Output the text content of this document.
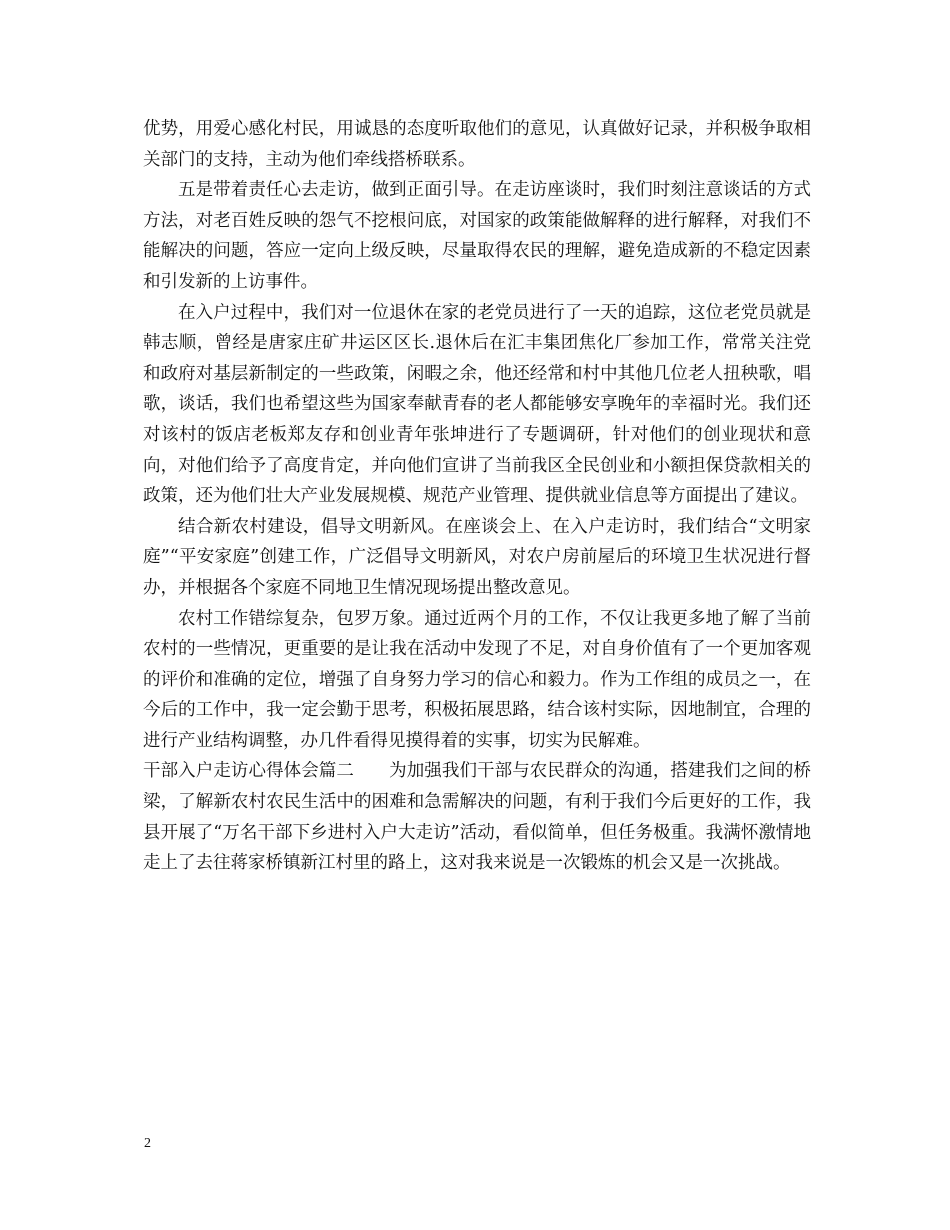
优势，用爱心感化村民，用诚恳的态度听取他们的意见，认真做好记录，并积极争取相关部门的支持，主动为他们牵线搭桥联系。

五是带着责任心去走访，做到正面引导。在走访座谈时，我们时刻注意谈话的方式方法，对老百姓反映的怨气不挖根问底，对国家的政策能做解释的进行解释，对我们不能解决的问题，答应一定向上级反映，尽量取得农民的理解，避免造成新的不稳定因素和引发新的上访事件。

在入户过程中，我们对一位退休在家的老党员进行了一天的追踪，这位老党员就是韩志顺，曾经是唐家庄矿井运区区长.退休后在汇丰集团焦化厂参加工作，常常关注党和政府对基层新制定的一些政策，闲暇之余，他还经常和村中其他几位老人扭秧歌，唱歌，谈话，我们也希望这些为国家奉献青春的老人都能够安享晚年的幸福时光。我们还对该村的饭店老板郑友存和创业青年张坤进行了专题调研，针对他们的创业现状和意向，对他们给予了高度肯定，并向他们宣讲了当前我区全民创业和小额担保贷款相关的政策，还为他们壮大产业发展规模、规范产业管理、提供就业信息等方面提出了建议。

结合新农村建设，倡导文明新风。在座谈会上、在入户走访时，我们结合“文明家庭”“平安家庭”创建工作，广泛倡导文明新风，对农户房前屋后的环境卫生状况进行督办，并根据各个家庭不同地卫生情况现场提出整改意见。

农村工作错综复杂，包罗万象。通过近两个月的工作，不仅让我更多地了解了当前农村的一些情况，更重要的是让我在活动中发现了不足，对自身价值有了一个更加客观的评价和准确的定位，增强了自身努力学习的信心和毅力。作为工作组的成员之一，在今后的工作中，我一定会勤于思考，积极拓展思路，结合该村实际，因地制宜，合理的进行产业结构调整，办几件看得见摸得着的实事，切实为民解难。

干部入户走访心得体会篇二　　为加强我们干部与农民群众的沟通，搭建我们之间的桥梁，了解新农村农民生活中的困难和急需解决的问题，有利于我们今后更好的工作，我县开展了“万名干部下乡进村入户大走访”活动，看似简单，但任务极重。我满怀激情地走上了去往蒋家桥镇新江村里的路上，这对我来说是一次锻炼的机会又是一次挑战。

2
